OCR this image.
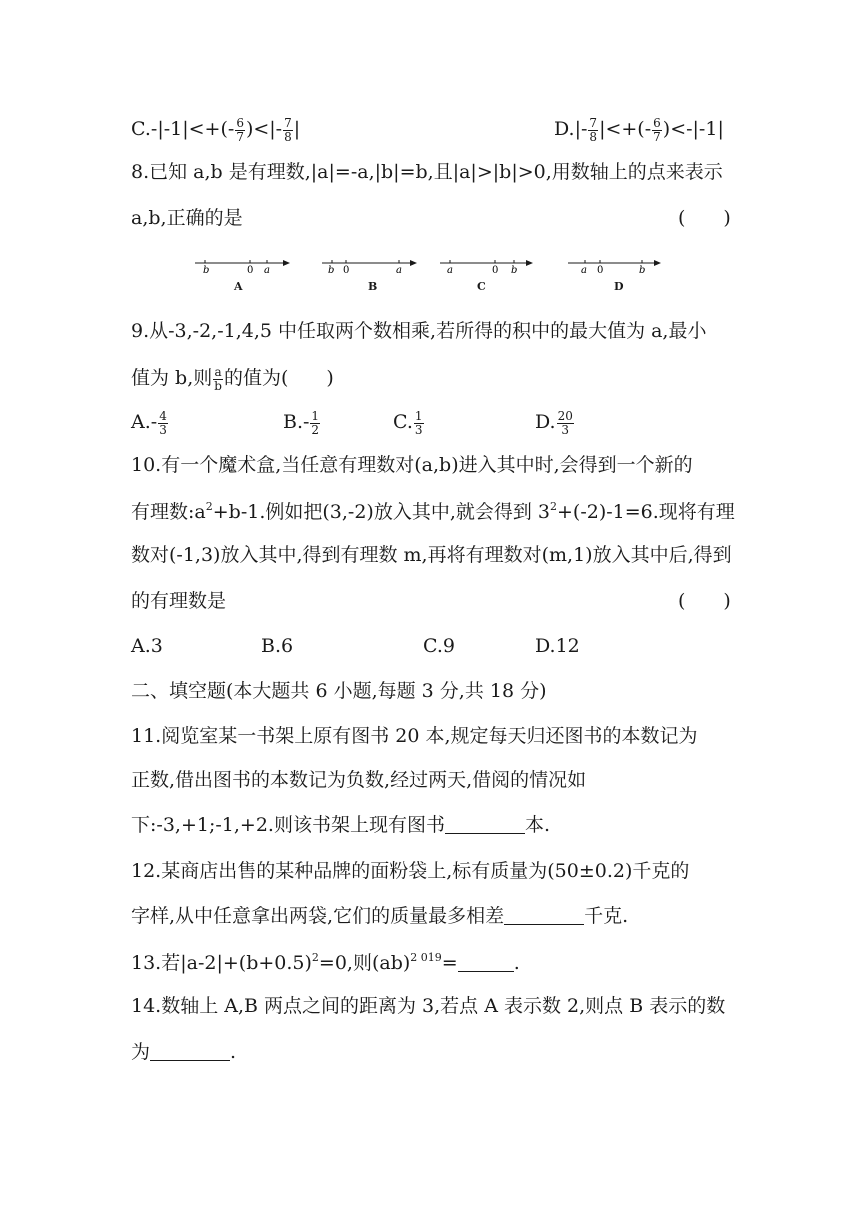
$C.-|-1|<+(- \frac{6}{7}$ )<|- $\frac{7}{8}$ |	$D.|- \frac{7}{8}$ |<+(- $\frac{6}{7} )<-|-1|$
8.已知 a,b 是有理数,|a|=-a,|b|=b,且|a|>|b|>0,用数轴上的点来表示
a,b,正确的是	(　　)
b	0 a
A
b 0	a
B
a	0 b
C
a 0	b
D
9.从-3,-2,-1,4,5 中任取两个数相乘,若所得的积中的最大值为 a,最小
值为 b,则 $\frac{a}{b}$ 的值为(　　)
$A.- \frac{4}{3}$	$B.- \frac{1}{2}$	C. $\frac{1}{3}$	D. $\frac{20}{3}$
10.有一个魔术盒,当任意有理数对(a,b)进入其中时,会得到一个新的
有理数$:a^2+b-1$.例如把(3,-2)放入其中,就会得到 $3^2+(-2)-1=6$.现将有理
数对(-1,3)放入其中,得到有理数 m,再将有理数对(m,1)放入其中后,得到
的有理数是	(　　)
A.3	B.6	C.9	D.12
二、填空题(本大题共 6 小题,每题 3 分,共 18 分)
11.阅览室某一书架上原有图书 20 本,规定每天归还图书的本数记为
正数,借出图书的本数记为负数,经过两天,借阅的情况如
下:-3,+1;-1,+2.则该书架上现有图书	本.
12.某商店出售的某种品牌的面粉袋上,标有质量为(50±0.2)千克的
字样,从中任意拿出两袋,它们的质量最多相差	千克.
13.若$|a-2|+(b+0.5)^2=0$,则(ab)$^{2 019}$=	.
14.数轴上 A,B 两点之间的距离为 3,若点 A 表示数 2,则点 B 表示的数
为	.
